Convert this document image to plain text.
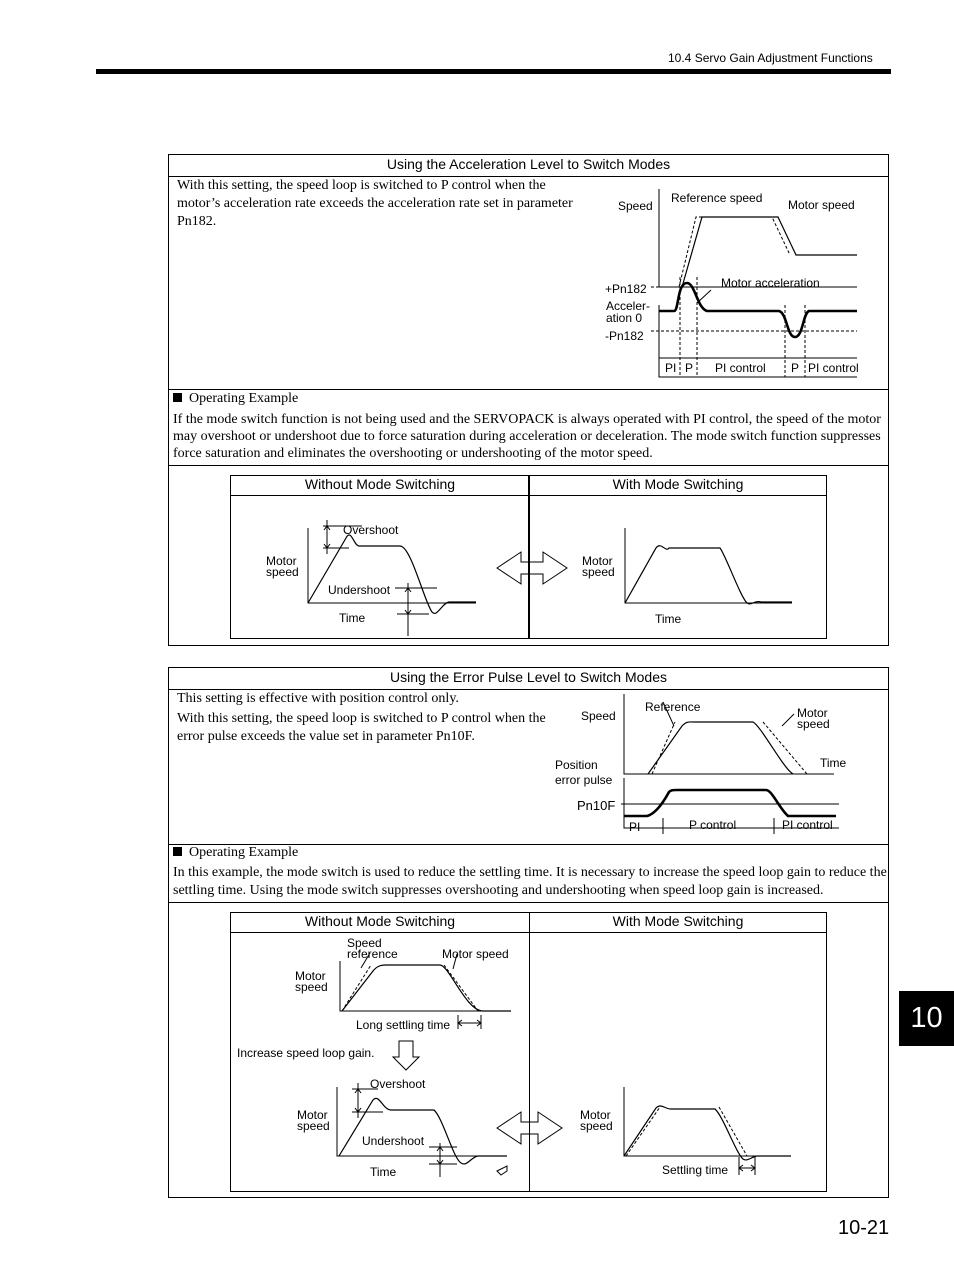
10.4 Servo Gain Adjustment Functions
Using the Acceleration Level to Switch Modes
With this setting, the speed loop is switched to P control when the motor’s acceleration rate exceeds the acceleration rate set in parameter Pn182.
Speed
Reference speed Motor speed
+Pn182
Acceler- ation 0
-Pn182
Motor acceleration
PI P PI control P PI control
Operating Example
If the mode switch function is not being used and the SERVOPACK is always operated with PI control, the speed of the motor may overshoot or undershoot due to force saturation during acceleration or deceleration. The mode switch function suppresses force saturation and eliminates the overshooting or undershooting of the motor speed.
Without Mode Switching	With Mode Switching
Overshoot
Motor speed
Undershoot
Time
Motor speed
Time
Using the Error Pulse Level to Switch Modes
This setting is effective with position control only.
With this setting, the speed loop is switched to P control when the error pulse exceeds the value set in parameter Pn10F.
Speed
Reference	Motor speed
Time
Position error pulse
Pn10F
PI	P control	PI control
Operating Example
In this example, the mode switch is used to reduce the settling time. It is necessary to increase the speed loop gain to reduce the settling time. Using the mode switch suppresses overshooting and undershooting when speed loop gain is increased.
Without Mode Switching	With Mode Switching
Speed reference	Motor speed
Motor speed
Long settling time
Increase speed loop gain.
Overshoot
Motor speed
Undershoot
Time
Motor speed
Settling time
10
10-21
